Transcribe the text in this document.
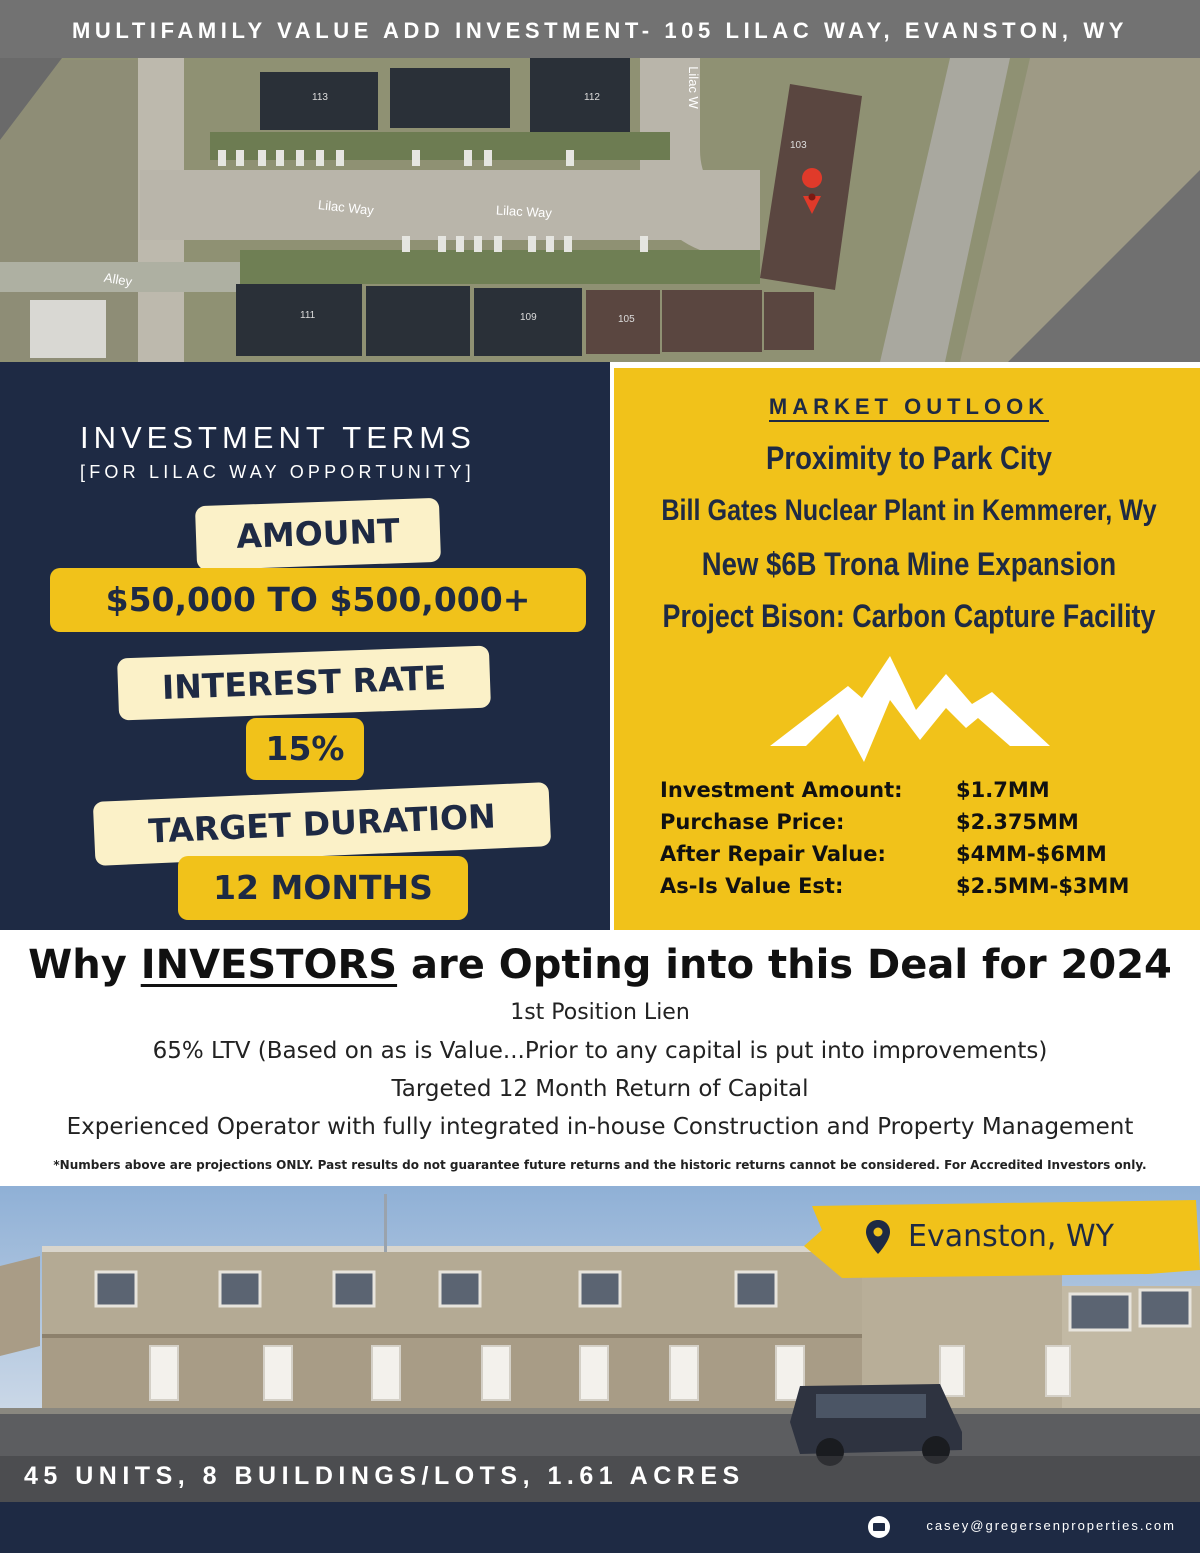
Lilac Way	Lilac Way
Alley
Lilac W
113	112
103
111	109	105
MULTIFAMILY VALUE ADD INVESTMENT- 105 LILAC WAY, EVANSTON, WY
INVESTMENT TERMS
[FOR LILAC WAY OPPORTUNITY]
AMOUNT
$50,000 TO $500,000+
INTEREST RATE
15%
TARGET DURATION
12 MONTHS
MARKET OUTLOOK
Proximity to Park City
Bill Gates Nuclear Plant in Kemmerer, Wy
New $6B Trona Mine Expansion
Project Bison: Carbon Capture Facility
Investment Amount:	$1.7MM
Purchase Price:	$2.375MM
After Repair Value:	$4MM-$6MM
As-Is Value Est:	$2.5MM-$3MM
Why INVESTORS are Opting into this Deal for 2024
1st Position Lien
65% LTV (Based on as is Value...Prior to any capital is put into improvements)
Targeted 12 Month Return of Capital
Experienced Operator with fully integrated in-house Construction and Property Management
*Numbers above are projections ONLY. Past results do not guarantee future returns and the historic returns cannot be considered. For Accredited Investors only.
Evanston, WY
45 UNITS, 8 BUILDINGS/LOTS, 1.61 ACRES
casey@gregersenproperties.com
